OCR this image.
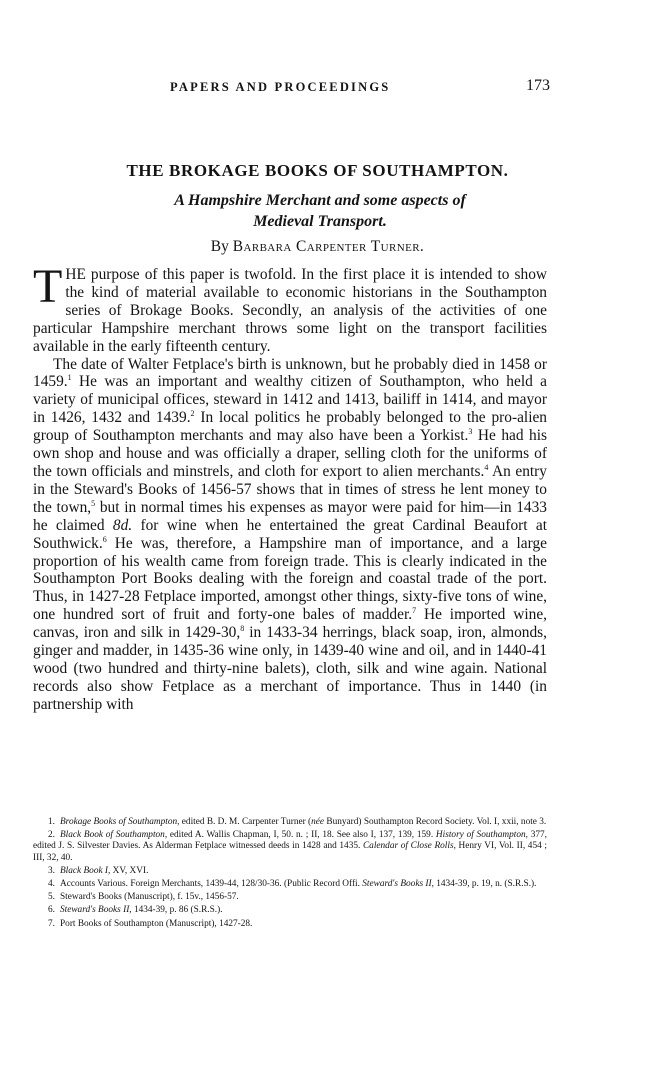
PAPERS AND PROCEEDINGS	173
THE BROKAGE BOOKS OF SOUTHAMPTON.
A Hampshire Merchant and some aspects of
Medieval Transport.
By Barbara Carpenter Turner.

THE purpose of this paper is twofold. In the first place it is intended to show the kind of material available to economic historians in the Southampton series of Brokage Books. Secondly, an analysis of the activities of one particular Hampshire merchant throws some light on the transport facilities available in the early fifteenth century.

The date of Walter Fetplace's birth is unknown, but he probably died in 1458 or 1459.$^1$ He was an important and wealthy citizen of Southampton, who held a variety of municipal offices, steward in 1412 and 1413, bailiff in 1414, and mayor in 1426, 1432 and 1439.$^2$ In local politics he probably belonged to the pro-alien group of Southampton merchants and may also have been a Yorkist.$^3$ He had his own shop and house and was officially a draper, selling cloth for the uniforms of the town officials and minstrels, and cloth for export to alien merchants.$^4$ An entry in the Steward's Books of 1456-57 shows that in times of stress he lent money to the town,$^5$ but in normal times his expenses as mayor were paid for him—in 1433 he claimed 8d. for wine when he entertained the great Cardinal Beaufort at Southwick.$^6$ He was, therefore, a Hampshire man of importance, and a large proportion of his wealth came from foreign trade. This is clearly indicated in the Southampton Port Books dealing with the foreign and coastal trade of the port. Thus, in 1427-28 Fetplace imported, amongst other things, sixty-five tons of wine, one hundred sort of fruit and forty-one bales of madder.$^7$ He imported wine, canvas, iron and silk in 1429-30,$^8$ in 1433-34 herrings, black soap, iron, almonds, ginger and madder, in 1435-36 wine only, in 1439-40 wine and oil, and in 1440-41 wood (two hundred and thirty-nine balets), cloth, silk and wine again. National records also show Fetplace as a merchant of importance. Thus in 1440 (in partnership with

1. Brokage Books of Southampton, edited B. D. M. Carpenter Turner (née Bunyard) Southampton Record Society. Vol. I, xxii, note 3.
2. Black Book of Southampton, edited A. Wallis Chapman, I, 50. n. ; II, 18. See also I, 137, 139, 159. History of Southampton, 377, edited J. S. Silvester Davies. As Alderman Fetplace witnessed deeds in 1428 and 1435. Calendar of Close Rolls, Henry VI, Vol. II, 454 ; III, 32, 40.
3. Black Book I, XV, XVI.
4. Accounts Various. Foreign Merchants, 1439-44, 128/30-36. (Public Record Offi. Steward's Books II, 1434-39, p. 19, n. (S.R.S.).
5. Steward's Books (Manuscript), f. 15v., 1456-57.
6. Steward's Books II, 1434-39, p. 86 (S.R.S.).
7. Port Books of Southampton (Manuscript), 1427-28.
